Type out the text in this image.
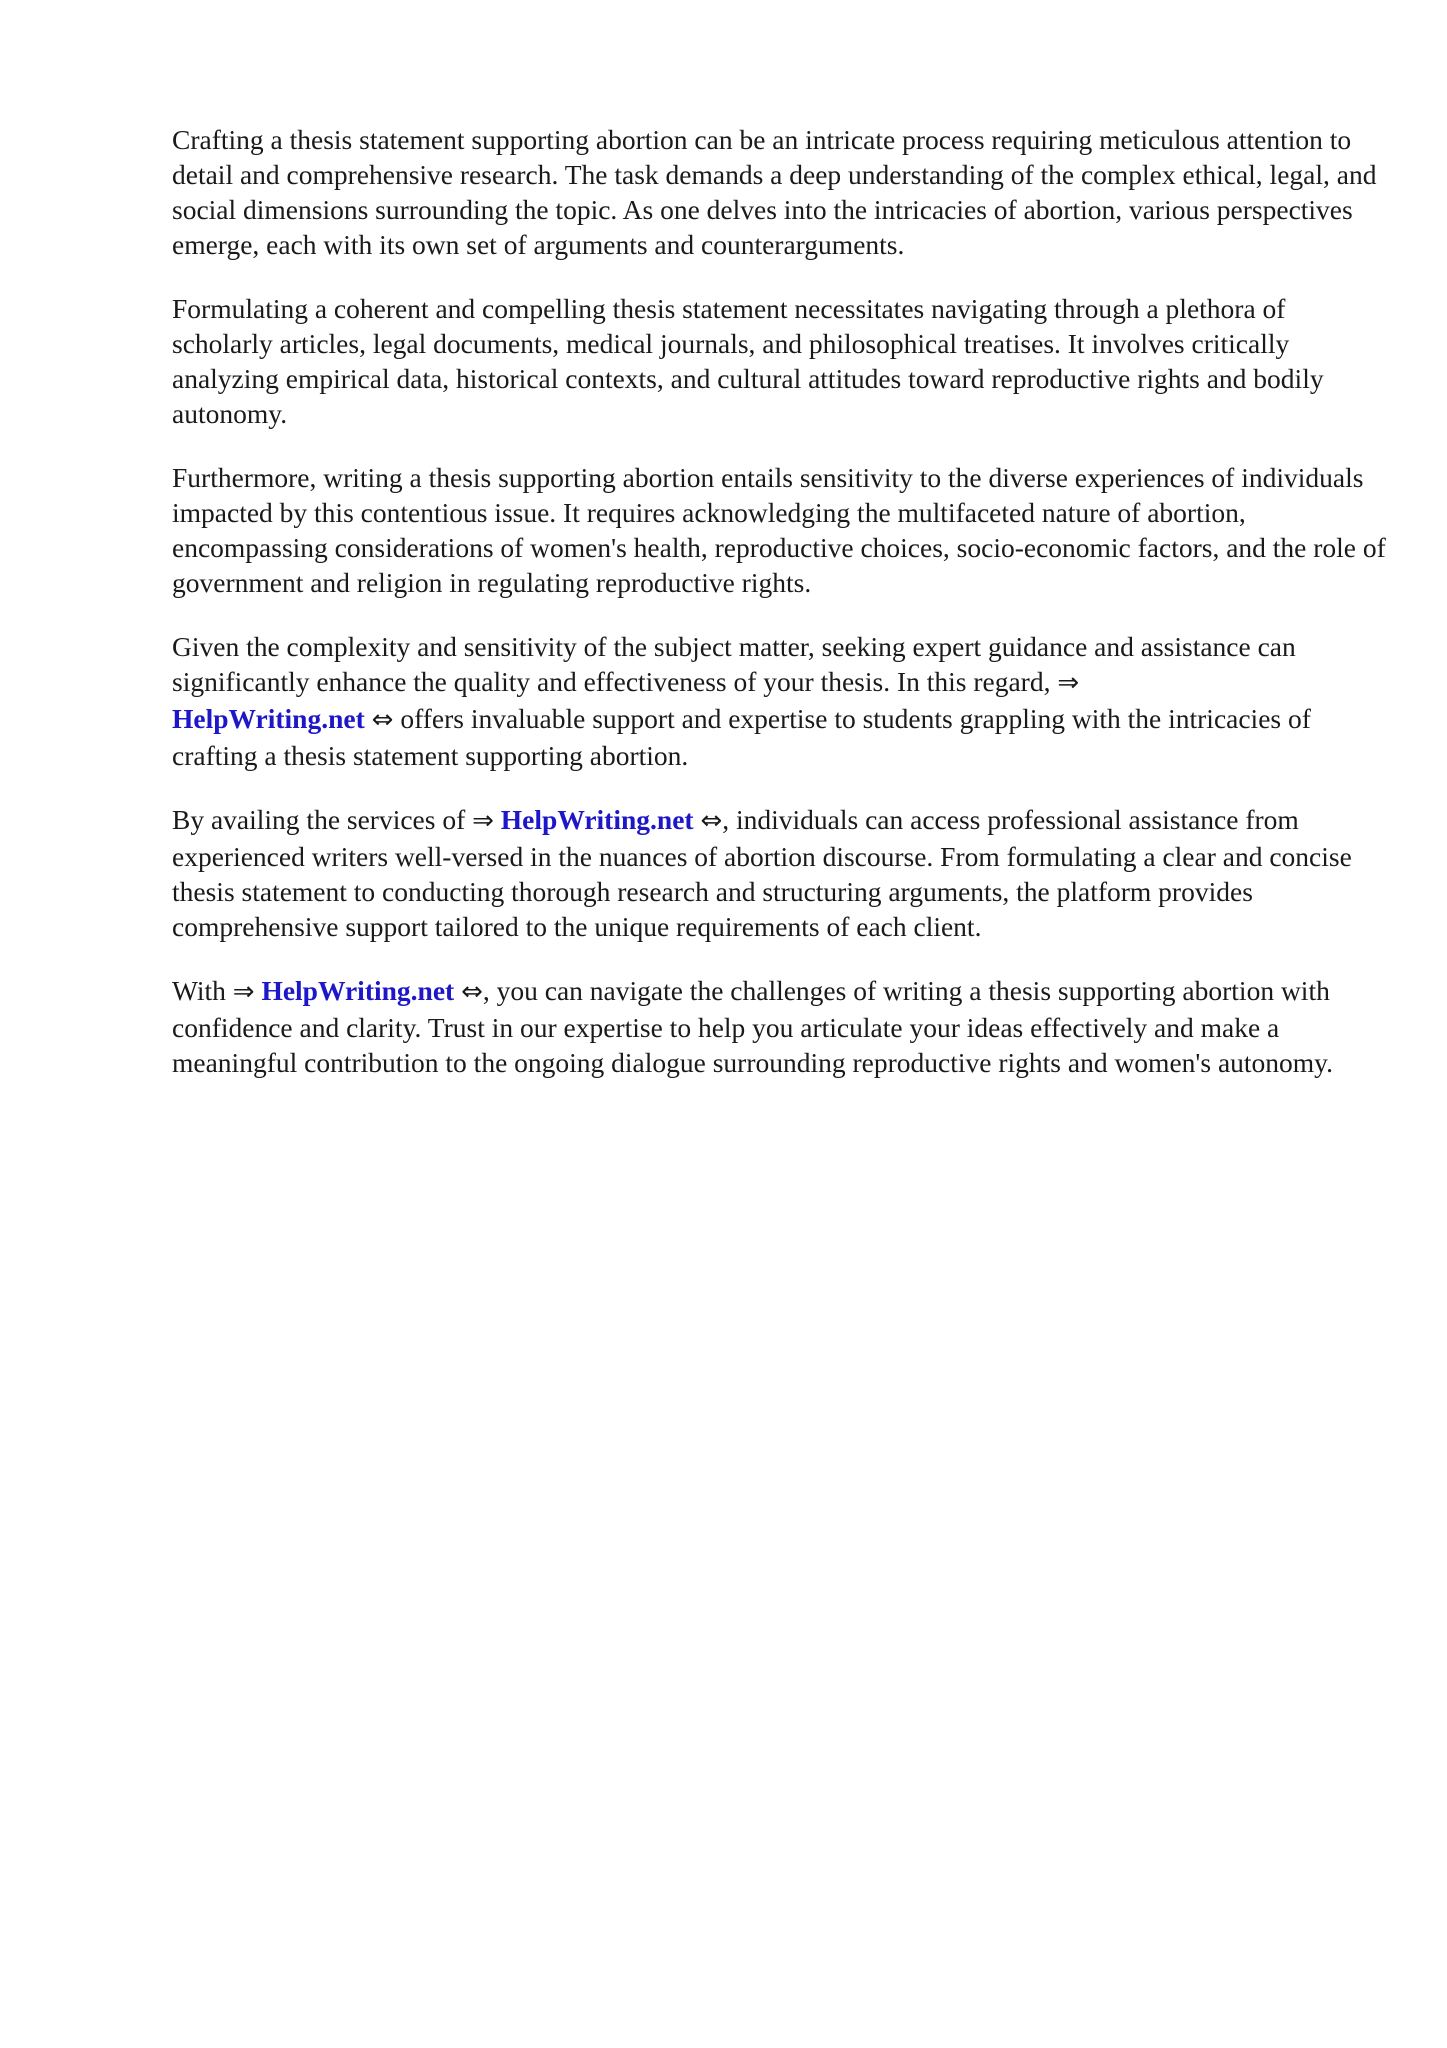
Crafting a thesis statement supporting abortion can be an intricate process requiring meticulous attention to detail and comprehensive research. The task demands a deep understanding of the complex ethical, legal, and social dimensions surrounding the topic. As one delves into the intricacies of abortion, various perspectives emerge, each with its own set of arguments and counterarguments.

Formulating a coherent and compelling thesis statement necessitates navigating through a plethora of scholarly articles, legal documents, medical journals, and philosophical treatises. It involves critically analyzing empirical data, historical contexts, and cultural attitudes toward reproductive rights and bodily autonomy.

Furthermore, writing a thesis supporting abortion entails sensitivity to the diverse experiences of individuals impacted by this contentious issue. It requires acknowledging the multifaceted nature of abortion, encompassing considerations of women's health, reproductive choices, socio-economic factors, and the role of government and religion in regulating reproductive rights.

Given the complexity and sensitivity of the subject matter, seeking expert guidance and assistance can significantly enhance the quality and effectiveness of your thesis. In this regard, ⇒
HelpWriting.net ⇔ offers invaluable support and expertise to students grappling with the intricacies of crafting a thesis statement supporting abortion.

By availing the services of ⇒ HelpWriting.net ⇔, individuals can access professional assistance from experienced writers well-versed in the nuances of abortion discourse. From formulating a clear and concise thesis statement to conducting thorough research and structuring arguments, the platform provides comprehensive support tailored to the unique requirements of each client.

With ⇒ HelpWriting.net ⇔, you can navigate the challenges of writing a thesis supporting abortion with confidence and clarity. Trust in our expertise to help you articulate your ideas effectively and make a meaningful contribution to the ongoing dialogue surrounding reproductive rights and women's autonomy.
